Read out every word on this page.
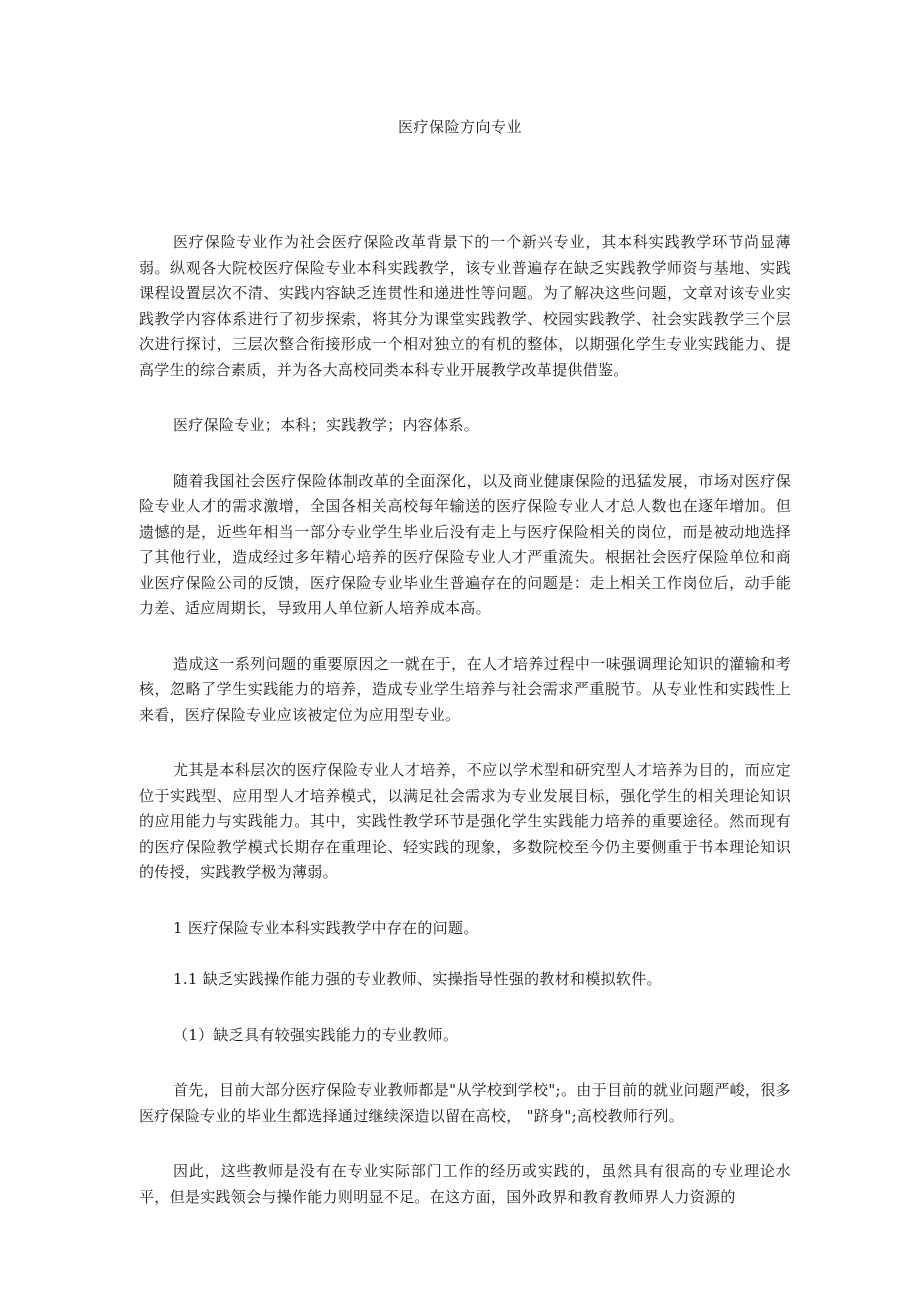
医疗保险方向专业

医疗保险专业作为社会医疗保险改革背景下的一个新兴专业，其本科实践教学环节尚显薄弱。纵观各大院校医疗保险专业本科实践教学，该专业普遍存在缺乏实践教学师资与基地、实践课程设置层次不清、实践内容缺乏连贯性和递进性等问题。为了解决这些问题，文章对该专业实践教学内容体系进行了初步探索，将其分为课堂实践教学、校园实践教学、社会实践教学三个层次进行探讨，三层次整合衔接形成一个相对独立的有机的整体，以期强化学生专业实践能力、提高学生的综合素质，并为各大高校同类本科专业开展教学改革提供借鉴。

医疗保险专业；本科；实践教学；内容体系。

随着我国社会医疗保险体制改革的全面深化，以及商业健康保险的迅猛发展，市场对医疗保险专业人才的需求激增，全国各相关高校每年输送的医疗保险专业人才总人数也在逐年增加。但遗憾的是，近些年相当一部分专业学生毕业后没有走上与医疗保险相关的岗位，而是被动地选择了其他行业，造成经过多年精心培养的医疗保险专业人才严重流失。根据社会医疗保险单位和商业医疗保险公司的反馈，医疗保险专业毕业生普遍存在的问题是：走上相关工作岗位后，动手能力差、适应周期长，导致用人单位新人培养成本高。

造成这一系列问题的重要原因之一就在于，在人才培养过程中一味强调理论知识的灌输和考核，忽略了学生实践能力的培养，造成专业学生培养与社会需求严重脱节。从专业性和实践性上来看，医疗保险专业应该被定位为应用型专业。

尤其是本科层次的医疗保险专业人才培养，不应以学术型和研究型人才培养为目的，而应定位于实践型、应用型人才培养模式，以满足社会需求为专业发展目标，强化学生的相关理论知识的应用能力与实践能力。其中，实践性教学环节是强化学生实践能力培养的重要途径。然而现有的医疗保险教学模式长期存在重理论、轻实践的现象，多数院校至今仍主要侧重于书本理论知识的传授，实践教学极为薄弱。

1 医疗保险专业本科实践教学中存在的问题。

1.1 缺乏实践操作能力强的专业教师、实操指导性强的教材和模拟软件。

（1）缺乏具有较强实践能力的专业教师。

首先，目前大部分医疗保险专业教师都是"从学校到学校";。由于目前的就业问题严峻，很多医疗保险专业的毕业生都选择通过继续深造以留在高校， "跻身";高校教师行列。

因此，这些教师是没有在专业实际部门工作的经历或实践的，虽然具有很高的专业理论水平，但是实践领会与操作能力则明显不足。在这方面，国外政界和教育教师界人力资源的
